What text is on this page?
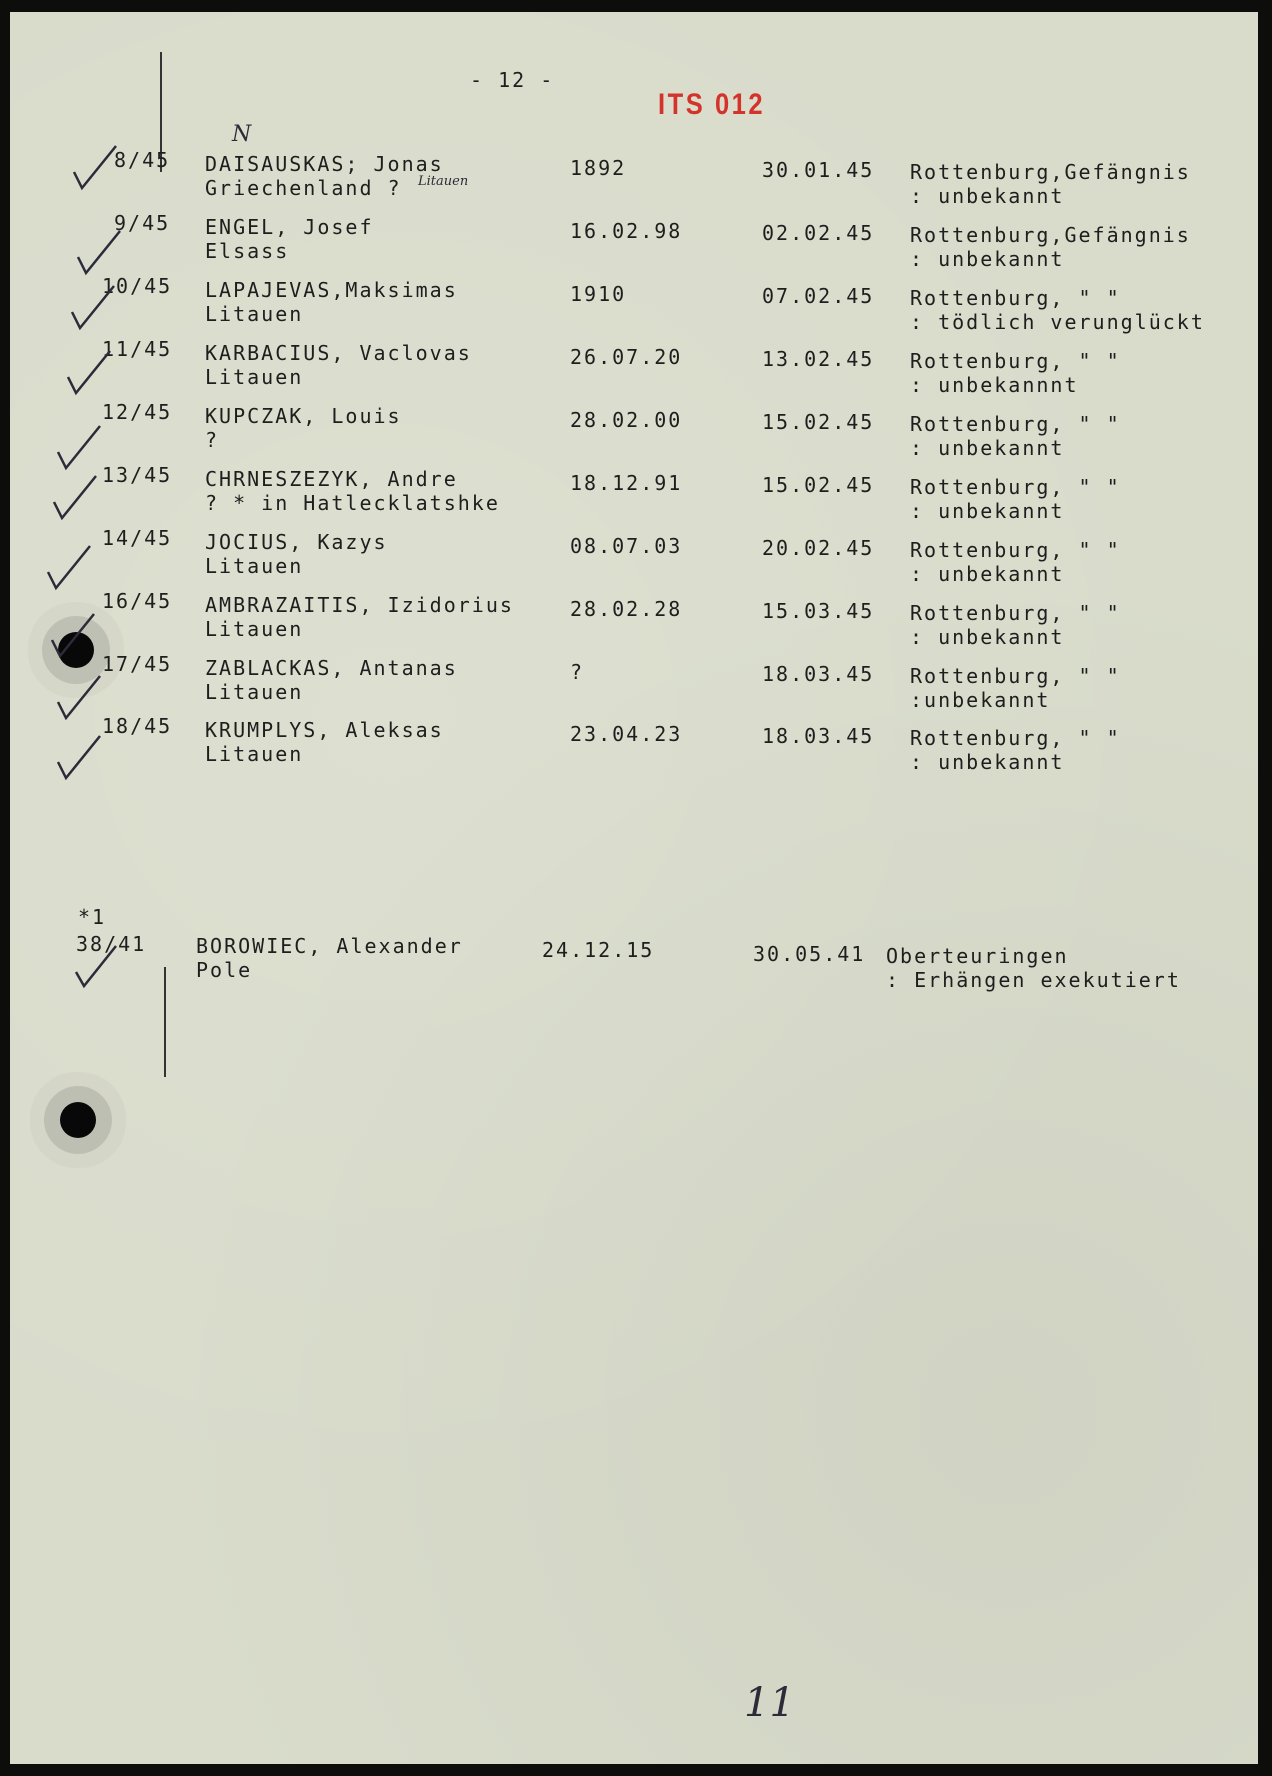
- 12 -
ITS 012
8/45 DAISAUSKAS; Jonas
Griechenland ?
1892	30.01.45 Rottenburg,Gefängnis
: unbekannt
9/45 ENGEL, Josef
Elsass
16.02.98	02.02.45 Rottenburg,Gefängnis
: unbekannt
10/45 LAPAJEVAS,Maksimas
Litauen
1910	07.02.45 Rottenburg, " "
: tödlich verunglückt
11/45 KARBACIUS, Vaclovas
Litauen
26.07.20	13.02.45 Rottenburg, " "
: unbekannnt
12/45 KUPCZAK, Louis
?
28.02.00	15.02.45 Rottenburg, " "
: unbekannt
13/45 CHRNESZEZYK, Andre
? * in Hatlecklatshke
18.12.91	15.02.45 Rottenburg, " "
: unbekannt
14/45 JOCIUS, Kazys
Litauen
08.07.03	20.02.45 Rottenburg, " "
: unbekannt
16/45 AMBRAZAITIS, Izidorius
Litauen
28.02.28	15.03.45 Rottenburg, " "
: unbekannt
17/45 ZABLACKAS, Antanas
Litauen
?	18.03.45 Rottenburg, " "
:unbekannt
18/45 KRUMPLYS, Aleksas
Litauen
23.04.23	18.03.45 Rottenburg, " "
: unbekannt
*1
38/41 BOROWIEC, Alexander
Pole
24.12.15	30.05.41 Oberteuringen
: Erhängen exekutiert
N
Litauen
11
